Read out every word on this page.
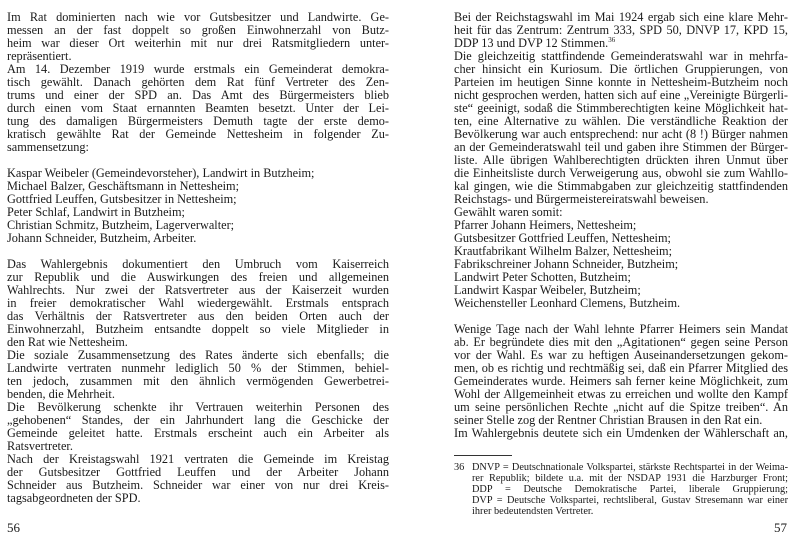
Im Rat dominierten nach wie vor Gutsbesitzer und Landwirte. Ge-
messen an der fast doppelt so großen Einwohnerzahl von Butz-
heim war dieser Ort weiterhin mit nur drei Ratsmitgliedern unter-
repräsentiert.
Am 14. Dezember 1919 wurde erstmals ein Gemeinderat demokra-
tisch gewählt. Danach gehörten dem Rat fünf Vertreter des Zen-
trums und einer der SPD an. Das Amt des Bürgermeisters blieb
durch einen vom Staat ernannten Beamten besetzt. Unter der Lei-
tung des damaligen Bürgermeisters Demuth tagte der erste demo-
kratisch gewählte Rat der Gemeinde Nettesheim in folgender Zu-
sammensetzung:
Kaspar Weibeler (Gemeindevorsteher), Landwirt in Butzheim;
Michael Balzer, Geschäftsmann in Nettesheim;
Gottfried Leuffen, Gutsbesitzer in Nettesheim;
Peter Schlaf, Landwirt in Butzheim;
Christian Schmitz, Butzheim, Lagerverwalter;
Johann Schneider, Butzheim, Arbeiter.
Das Wahlergebnis dokumentiert den Umbruch vom Kaiserreich
zur Republik und die Auswirkungen des freien und allgemeinen
Wahlrechts. Nur zwei der Ratsvertreter aus der Kaiserzeit wurden
in freier demokratischer Wahl wiedergewählt. Erstmals entsprach
das Verhältnis der Ratsvertreter aus den beiden Orten auch der
Einwohnerzahl, Butzheim entsandte doppelt so viele Mitglieder in
den Rat wie Nettesheim.
Die soziale Zusammensetzung des Rates änderte sich ebenfalls; die
Landwirte vertraten nunmehr lediglich 50 % der Stimmen, behiel-
ten jedoch, zusammen mit den ähnlich vermögenden Gewerbetrei-
benden, die Mehrheit.
Die Bevölkerung schenkte ihr Vertrauen weiterhin Personen des
„gehobenen“ Standes, der ein Jahrhundert lang die Geschicke der
Gemeinde geleitet hatte. Erstmals erscheint auch ein Arbeiter als
Ratsvertreter.
Nach der Kreistagswahl 1921 vertraten die Gemeinde im Kreistag
der Gutsbesitzer Gottfried Leuffen und der Arbeiter Johann
Schneider aus Butzheim. Schneider war einer von nur drei Kreis-
tagsabgeordneten der SPD.
56
Bei der Reichstagswahl im Mai 1924 ergab sich eine klare Mehr-
heit für das Zentrum: Zentrum 333, SPD 50, DNVP 17, KPD 15,
DDP 13 und DVP 12 Stimmen.$^{36}$
Die gleichzeitig stattfindende Gemeinderatswahl war in mehrfa-
cher hinsicht ein Kuriosum. Die örtlichen Gruppierungen, von
Parteien im heutigen Sinne konnte in Nettesheim-Butzheim noch
nicht gesprochen werden, hatten sich auf eine „Vereinigte Bürgerli-
ste“ geeinigt, sodaß die Stimmberechtigten keine Möglichkeit hat-
ten, eine Alternative zu wählen. Die verständliche Reaktion der
Bevölkerung war auch entsprechend: nur acht (8 !) Bürger nahmen
an der Gemeinderatswahl teil und gaben ihre Stimmen der Bürger-
liste. Alle übrigen Wahlberechtigten drückten ihren Unmut über
die Einheitsliste durch Verweigerung aus, obwohl sie zum Wahllo-
kal gingen, wie die Stimmabgaben zur gleichzeitig stattfindenden
Reichstags- und Bürgermeistereiratswahl beweisen.
Gewählt waren somit:
Pfarrer Johann Heimers, Nettesheim;
Gutsbesitzer Gottfried Leuffen, Nettesheim;
Krautfabrikant Wilhelm Balzer, Nettesheim;
Fabrikschreiner Johann Schneider, Butzheim;
Landwirt Peter Schotten, Butzheim;
Landwirt Kaspar Weibeler, Butzheim;
Weichensteller Leonhard Clemens, Butzheim.
Wenige Tage nach der Wahl lehnte Pfarrer Heimers sein Mandat
ab. Er begründete dies mit den „Agitationen“ gegen seine Person
vor der Wahl. Es war zu heftigen Auseinandersetzungen gekom-
men, ob es richtig und rechtmäßig sei, daß ein Pfarrer Mitglied des
Gemeinderates wurde. Heimers sah ferner keine Möglichkeit, zum
Wohl der Allgemeinheit etwas zu erreichen und wollte den Kampf
um seine persönlichen Rechte „nicht auf die Spitze treiben“. An
seiner Stelle zog der Rentner Christian Brausen in den Rat ein.
Im Wahlergebnis deutete sich ein Umdenken der Wählerschaft an,
36 DNVP = Deutschnationale Volkspartei, stärkste Rechtspartei in der Weima-
rer Republik; bildete u.a. mit der NSDAP 1931 die Harzburger Front;
DDP = Deutsche Demokratische Partei, liberale Gruppierung;
DVP = Deutsche Volkspartei, rechtsliberal, Gustav Stresemann war einer
ihrer bedeutendsten Vertreter.
57
